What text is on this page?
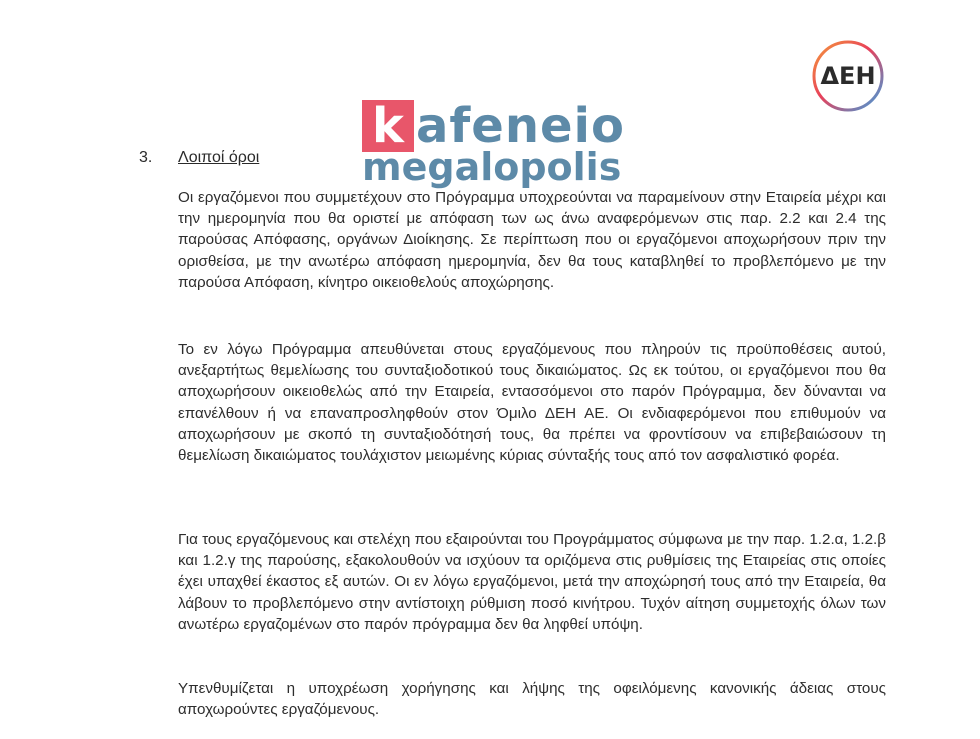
ΔΕΗ
k afeneio
megalopolis
3. Λοιποί όροι
Οι εργαζόμενοι που συμμετέχουν στο Πρόγραμμα υποχρεούνται να παραμείνουν στην Εταιρεία μέχρι και την ημερομηνία που θα οριστεί με απόφαση των ως άνω αναφερόμενων στις παρ. 2.2 και 2.4 της παρούσας Απόφασης, οργάνων Διοίκησης. Σε περίπτωση που οι εργαζόμενοι αποχωρήσουν πριν την ορισθείσα, με την ανωτέρω απόφαση ημερομηνία, δεν θα τους καταβληθεί το προβλεπόμενο με την παρούσα Απόφαση, κίνητρο οικειοθελούς αποχώρησης.
Το εν λόγω Πρόγραμμα απευθύνεται στους εργαζόμενους που πληρούν τις προϋποθέσεις αυτού, ανεξαρτήτως θεμελίωσης του συνταξιοδοτικού τους δικαιώματος. Ως εκ τούτου, οι εργαζόμενοι που θα αποχωρήσουν οικειοθελώς από την Εταιρεία, εντασσόμενοι στο παρόν Πρόγραμμα, δεν δύνανται να επανέλθουν ή να επαναπροσληφθούν στον Όμιλο ΔΕΗ ΑΕ. Οι ενδιαφερόμενοι που επιθυμούν να αποχωρήσουν με σκοπό τη συνταξιοδότησή τους, θα πρέπει να φροντίσουν να επιβεβαιώσουν τη θεμελίωση δικαιώματος τουλάχιστον μειωμένης κύριας σύνταξής τους από τον ασφαλιστικό φορέα.
Για τους εργαζόμενους και στελέχη που εξαιρούνται του Προγράμματος σύμφωνα με την παρ. 1.2.α, 1.2.β και 1.2.γ της παρούσης, εξακολουθούν να ισχύουν τα οριζόμενα στις ρυθμίσεις της Εταιρείας στις οποίες έχει υπαχθεί έκαστος εξ αυτών. Οι εν λόγω εργαζόμενοι, μετά την αποχώρησή τους από την Εταιρεία, θα λάβουν το προβλεπόμενο στην αντίστοιχη ρύθμιση ποσό κινήτρου. Τυχόν αίτηση συμμετοχής όλων των ανωτέρω εργαζομένων στο παρόν πρόγραμμα δεν θα ληφθεί υπόψη.
Υπενθυμίζεται η υποχρέωση χορήγησης και λήψης της οφειλόμενης κανονικής άδειας στους αποχωρούντες εργαζόμενους.
